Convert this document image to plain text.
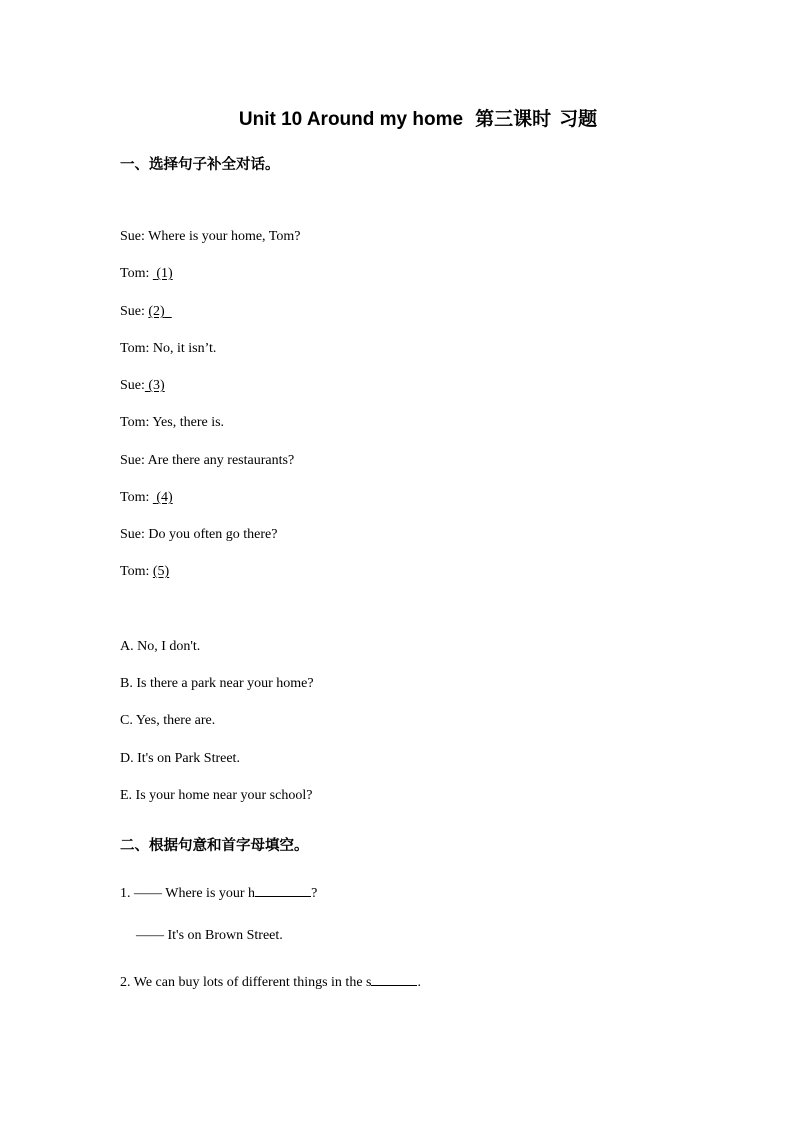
Unit 10 Around my home 第三课时 习题
一、选择句子补全对话。
Sue: Where is your home, Tom?
Tom: (1)
Sue: (2)
Tom: No, it isn’t.
Sue: (3)
Tom: Yes, there is.
Sue: Are there any restaurants?
Tom: (4)
Sue: Do you often go there?
Tom: (5)
A. No, I don't.
B. Is there a park near your home?
C. Yes, there are.
D. It's on Park Street.
E. Is your home near your school?
二、根据句意和首字母填空。
1. —— Where is your h	?
—— It's on Brown Street.
2. We can buy lots of different things in the s	.
